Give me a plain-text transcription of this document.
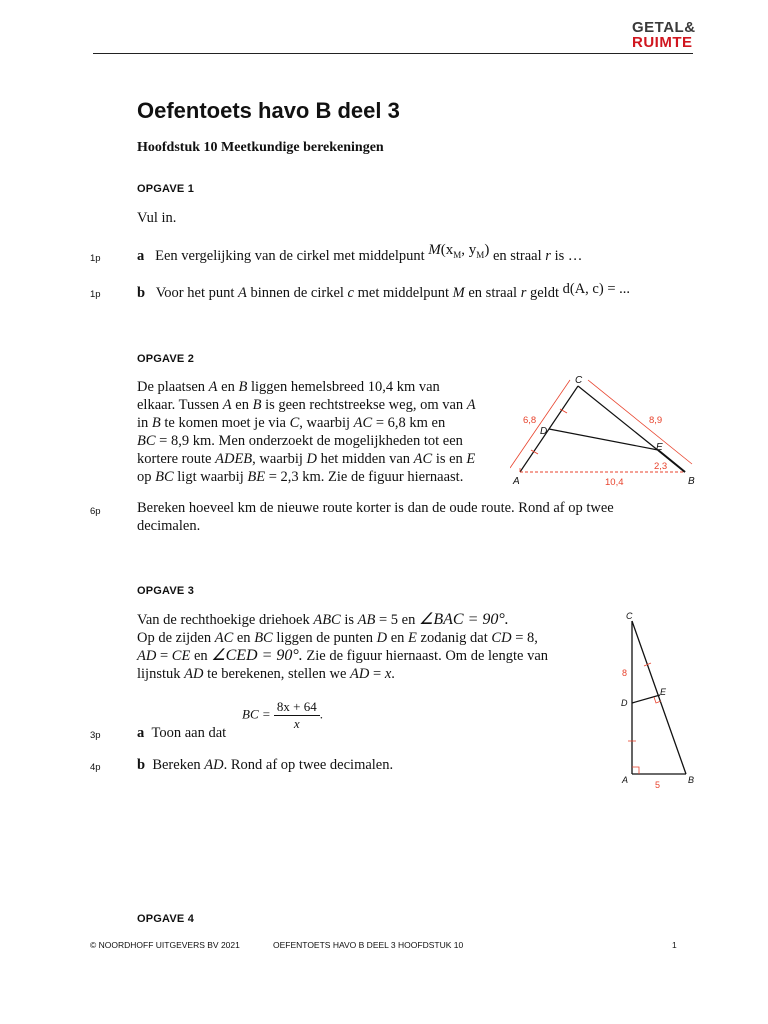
GETAL&
RUIMTE
Oefentoets havo B deel 3
Hoofdstuk 10 Meetkundige berekeningen
OPGAVE 1
Vul in.
1p	a Een vergelijking van de cirkel met middelpunt $M(x_M$, $y_M$) en straal r is …
1p	b Voor het punt A binnen de cirkel c met middelpunt M en straal r geldt d(A, c) = ...
OPGAVE 2
De plaatsen A en B liggen hemelsbreed 10,4 km van
elkaar. Tussen A en B is geen rechtstreekse weg, om van A
in B te komen moet je via C, waarbij AC = 6,8 km en
BC = 8,9 km. Men onderzoekt de mogelijkheden tot een
kortere route ADEB, waarbij D het midden van AC is en E
op BC ligt waarbij BE = 2,3 km. Zie de figuur hiernaast.	A	B
C
D
E
6,8	8,9
10,4
2,3
6p	Bereken hoeveel km de nieuwe route korter is dan de oude route. Rond af op twee
decimalen.
OPGAVE 3
Van de rechthoekige driehoek ABC is AB = 5 en ∠BAC = 90°.
Op de zijden AC en BC liggen de punten D en E zodanig dat CD = 8,
AD = CE en ∠CED = 90°. Zie de figuur hiernaast. Om de lengte van
lijnstuk AD te berekenen, stellen we AD = x.
BC = $\frac{8x + 64}{x}$ .
3p	a Toon aan dat
4p	b Bereken AD. Rond af op twee decimalen.
C
D
E
A	B
8
5
OPGAVE 4
© NOORDHOFF UITGEVERS BV 2021	OEFENTOETS HAVO B DEEL 3 HOOFDSTUK 10	1
